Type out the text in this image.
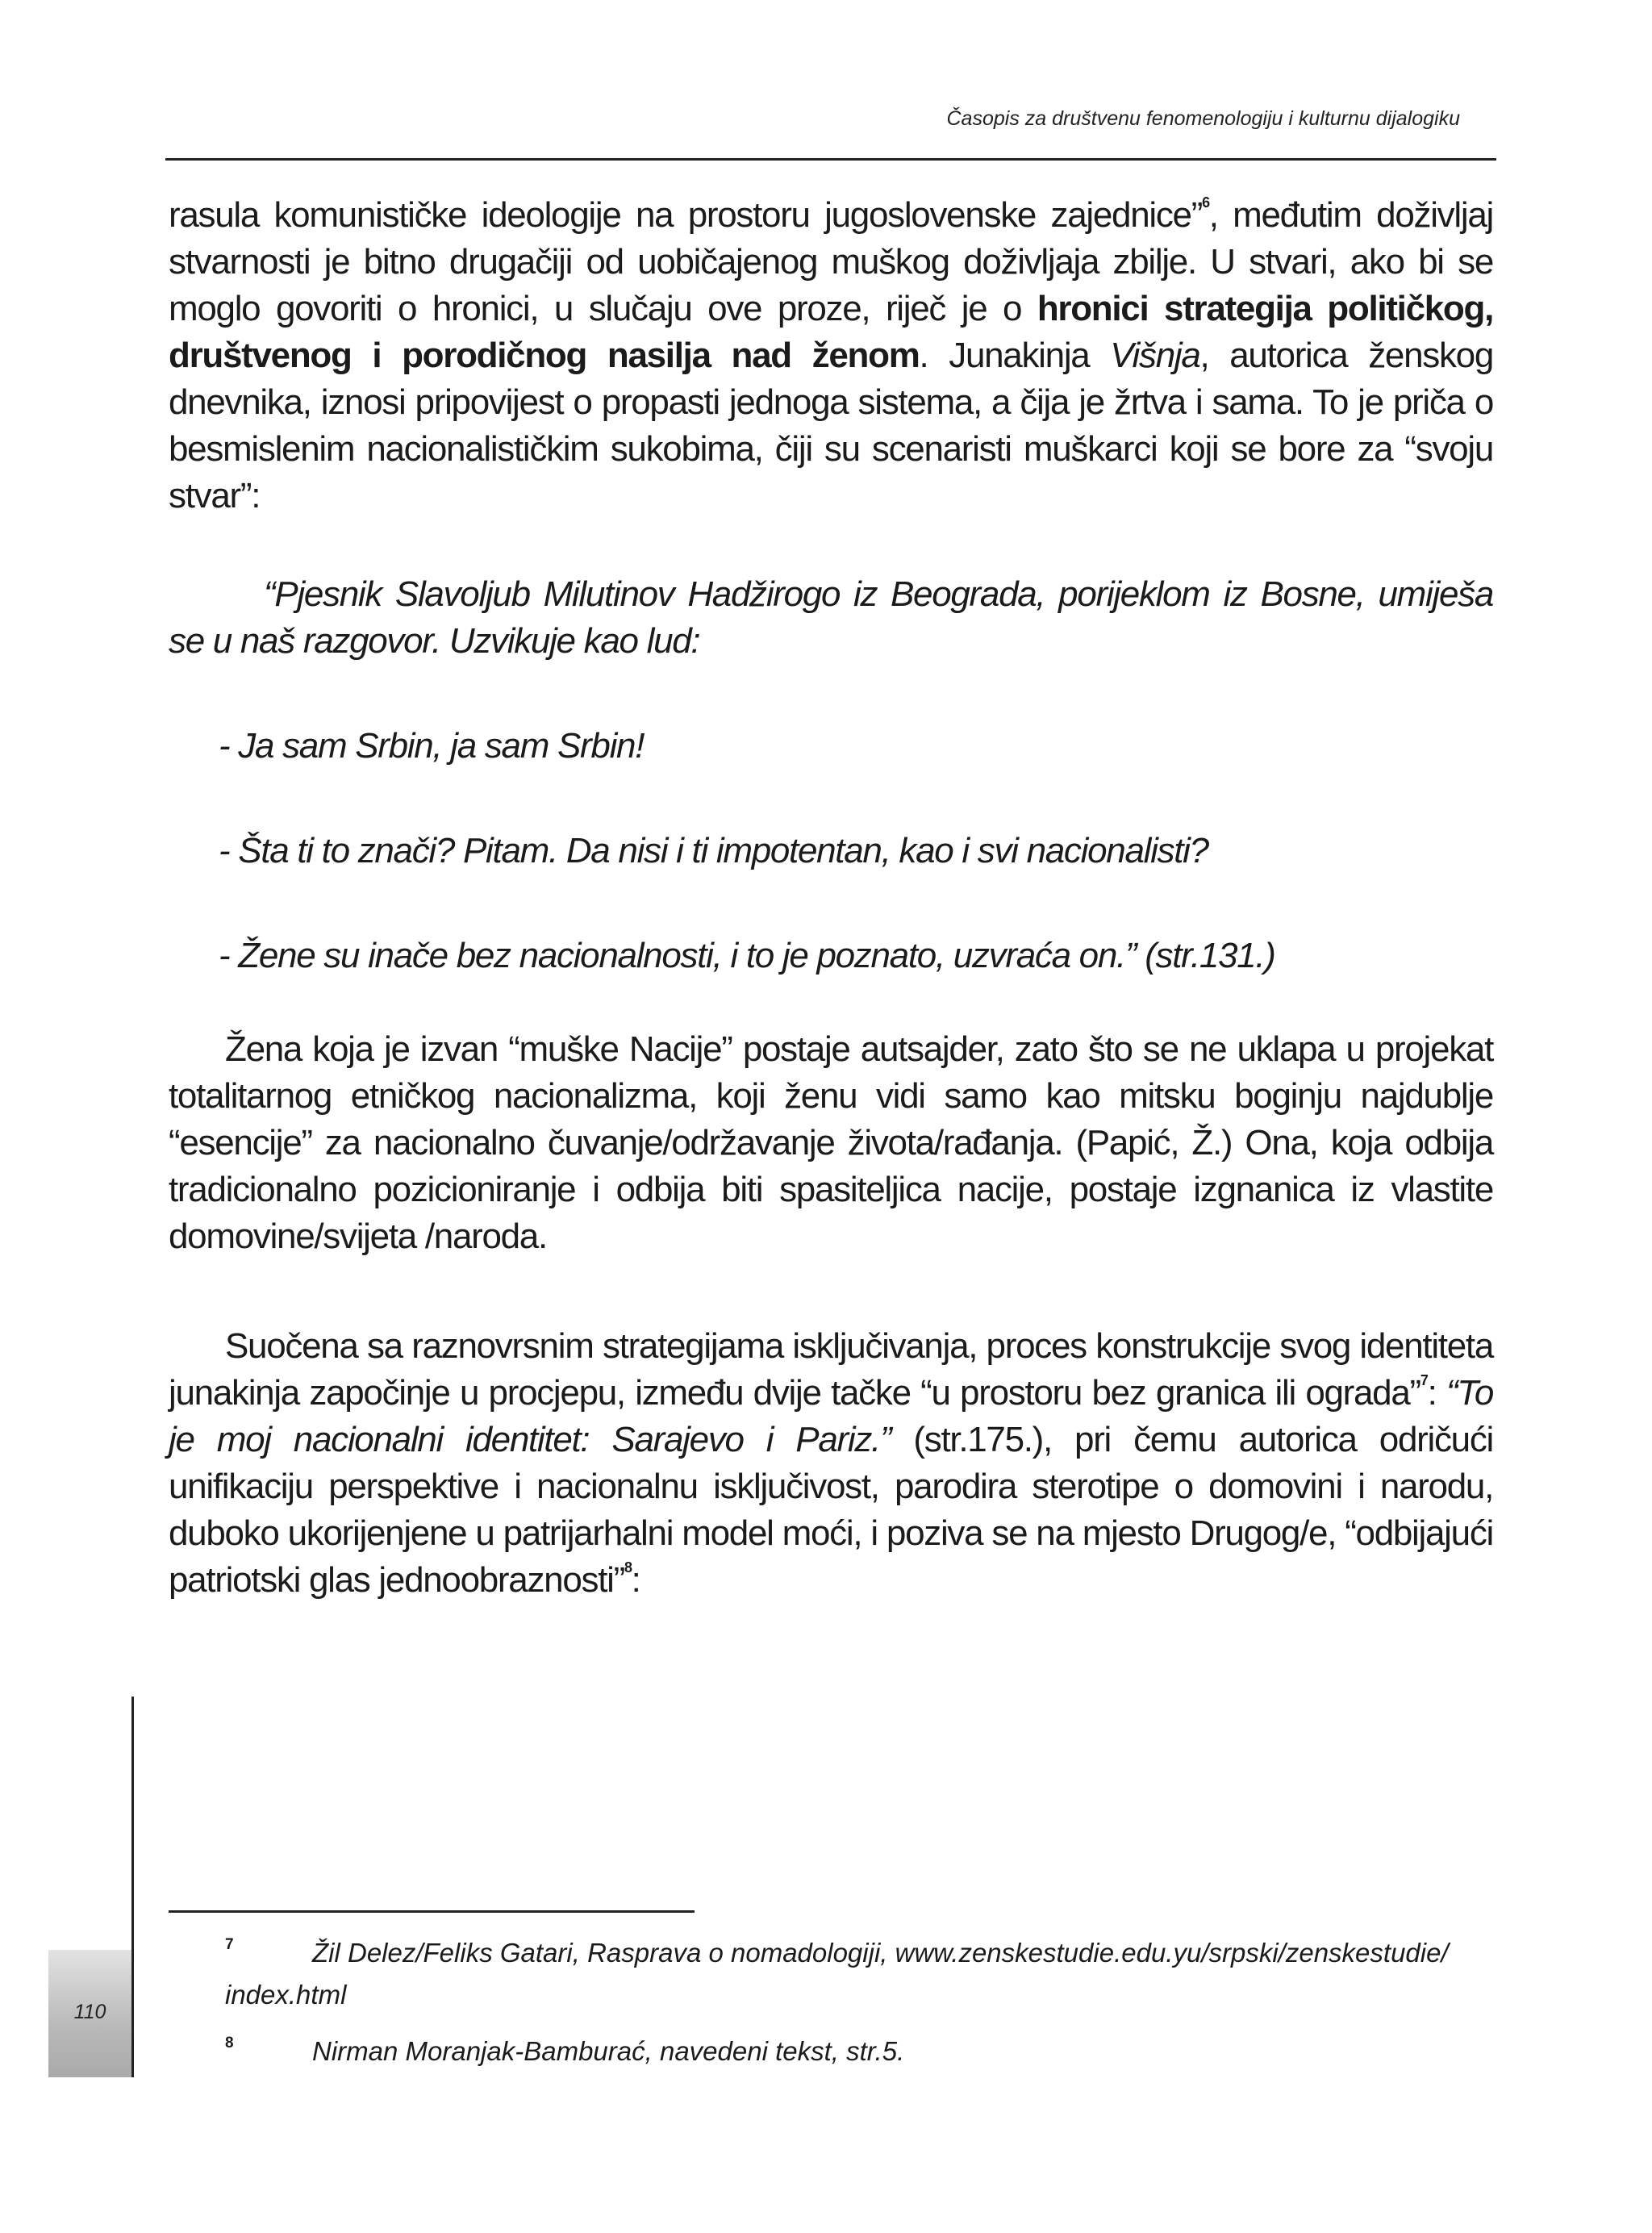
Časopis za društvenu fenomenologiju i kulturnu dijalogiku

rasula komunističke ideologije na prostoru jugoslovenske zajednice”$^6$, međutim doživljaj stvarnosti je bitno drugačiji od uobičajenog muškog doživljaja zbilje. U stvari, ako bi se moglo govoriti o hronici, u slučaju ove proze, riječ je o hronici strategija političkog, društvenog i porodičnog nasilja nad ženom. Junakinja Višnja, autorica ženskog dnevnika, iznosi pripovijest o propasti jednoga sistema, a čija je žrtva i sama. To je priča o besmislenim nacionalističkim sukobima, čiji su scenaristi muškarci koji se bore za “svoju stvar”:

“Pjesnik Slavoljub Milutinov Hadžirogo iz Beograda, porijeklom iz Bosne, umiješa se u naš razgovor. Uzvikuje kao lud:

- Ja sam Srbin, ja sam Srbin!

- Šta ti to znači? Pitam. Da nisi i ti impotentan, kao i svi nacionalisti?

- Žene su inače bez nacionalnosti, i to je poznato, uzvraća on.” (str.131.)

Žena koja je izvan “muške Nacije” postaje autsajder, zato što se ne uklapa u projekat totalitarnog etničkog nacionalizma, koji ženu vidi samo kao mitsku boginju najdublje “esencije” za nacionalno čuvanje/održavanje života/rađanja. (Papić, Ž.) Ona, koja odbija tradicionalno pozicioniranje i odbija biti spasiteljica nacije, postaje izgnanica iz vlastite domovine/svijeta /naroda.

Suočena sa raznovrsnim strategijama isključivanja, proces konstrukcije svog identiteta junakinja započinje u procjepu, između dvije tačke “u prostoru bez granica ili ograda”$^7$: “To je moj nacionalni identitet: Sarajevo i Pariz.” (str.175.), pri čemu autorica odričući unifikaciju perspektive i nacionalnu isključivost, parodira sterotipe o domovini i narodu, duboko ukorijenjene u patrijarhalni model moći, i poziva se na mjesto Drugog/e, “odbijajući patriotski glas jednoobraznosti”$^8$:

110

7	Žil Delez/Feliks Gatari, Rasprava o nomadologiji, www.zenskestudie.edu.yu/srpski/zenskestudie/ index.html

8	Nirman Moranjak-Bamburać, navedeni tekst, str.5.
